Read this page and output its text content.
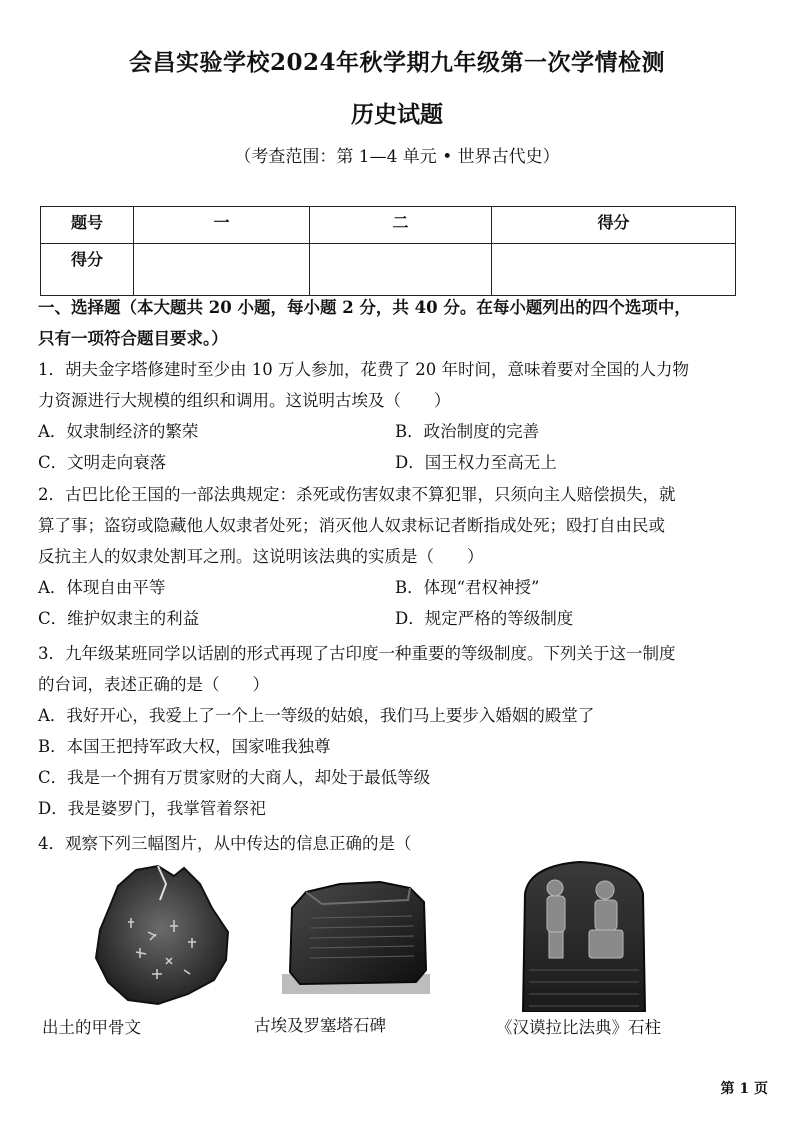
会昌实验学校2024年秋学期九年级第一次学情检测
历史试题
（考查范围：第 1—4 单元 • 世界古代史）
题号	一	二	得分
得分			
一、选择题（本大题共 20 小题，每小题 2 分，共 40 分。在每小题列出的四个选项中，
只有一项符合题目要求。）
1．胡夫金字塔修建时至少由 10 万人参加，花费了 20 年时间，意味着要对全国的人力物
力资源进行大规模的组织和调用。这说明古埃及（　　）
A．奴隶制经济的繁荣	B．政治制度的完善
C．文明走向衰落	D．国王权力至高无上
2．古巴比伦王国的一部法典规定：杀死或伤害奴隶不算犯罪，只须向主人赔偿损失，就
算了事；盗窃或隐藏他人奴隶者处死；消灭他人奴隶标记者断指成处死；殴打自由民或
反抗主人的奴隶处割耳之刑。这说明该法典的实质是（　　）
A．体现自由平等	B．体现“君权神授”
C．维护奴隶主的利益	D．规定严格的等级制度
3．九年级某班同学以话剧的形式再现了古印度一种重要的等级制度。下列关于这一制度
的台词，表述正确的是（　　）
A．我好开心，我爱上了一个上一等级的姑娘，我们马上要步入婚姻的殿堂了
B．本国王把持军政大权，国家唯我独尊
C．我是一个拥有万贯家财的大商人，却处于最低等级
D．我是婆罗门，我掌管着祭祀
4．观察下列三幅图片，从中传达的信息正确的是（
出土的甲骨文	古埃及罗塞塔石碑	《汉谟拉比法典》石柱
第 1 页
